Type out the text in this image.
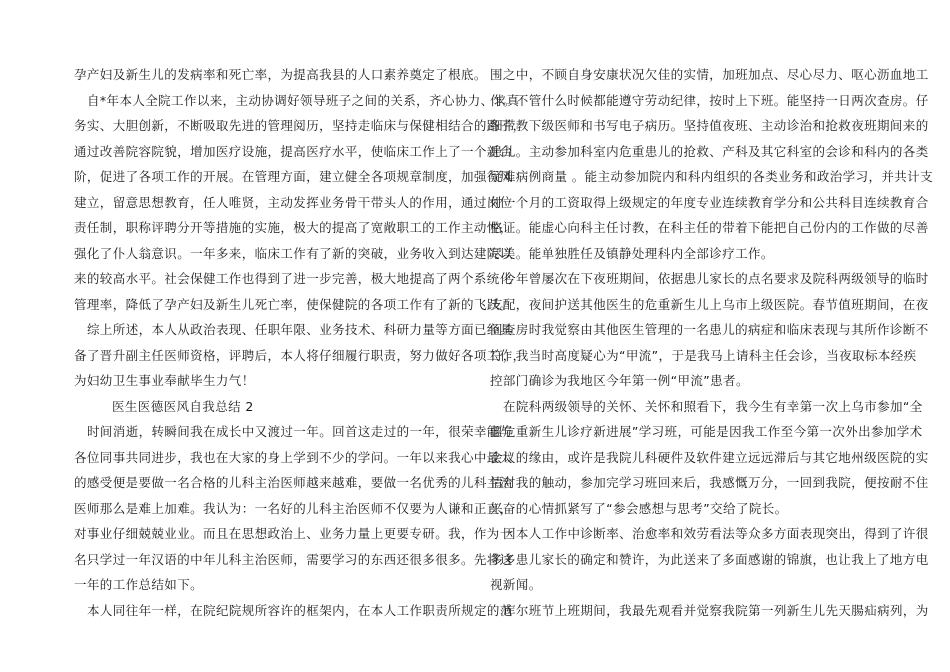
孕产妇及新生儿的发病率和死亡率，为提高我县的人口素养奠定了根底。
自*年本人全院工作以来，主动协调好领导班子之间的关系，齐心协力、求真
务实、大胆创新，不断吸取先进的管理阅历，坚持走临床与保健相结合的路子，
通过改善院容院貌，增加医疗设施，提高医疗水平，使临床工作上了一个新台
阶，促进了各项工作的开展。在管理方面，建立健全各项规章制度，加强行风
建立，留意思想教育，任人唯贤，主动发挥业务骨干带头人的作用，通过岗位
责任制，职称评聘分开等措施的实施，极大的提高了宽敞职工的工作主动性，
强化了仆人翁意识。一年多来，临床工作有了新的突破，业务收入到达建院以
来的较高水平。社会保健工作也得到了进一步完善，极大地提高了两个系统化
管理率，降低了孕产妇及新生儿死亡率，使保健院的各项工作有了新的飞跃。
综上所述，本人从政治表现、任职年限、业务技术、科研力量等方面已经具
备了晋升副主任医师资格，评聘后，本人将仔细履行职责，努力做好各项工作，
为妇幼卫生事业奉献毕生力气！
医生医德医风自我总结 2
时间消逝，转瞬间我在成长中又渡过一年。回首这走过的一年，很荣幸能与
各位同事共同进步，我也在大家的身上学到不少的学问。一年以来我心中最大
的感受便是要做一名合格的儿科主治医师越来越难，要做一名优秀的儿科主治
医师那么是难上加难。我认为：一名好的儿科主治医师不仅要为人谦和正直，
对事业仔细兢兢业业。而且在思想政治上、业务力量上更要专研。我，作为一
名只学过一年汉语的中年儿科主治医师，需要学习的东西还很多很多。先将这
一年的工作总结如下。
本人同往年一样，在院纪院规所容许的框架内，在本人工作职责所规定的范
围之中，不顾自身安康状况欠佳的实情，加班加点、尽心尽力、呕心沥血地工
作。不管什么时候都能遵守劳动纪律，按时上下班。能坚持一日两次查房。仔
细带教下级医师和书写电子病历。坚持值夜班、主动诊治和抢救夜班期间来的
患儿。主动参加科室内危重患儿的抢救、产科及其它科室的会诊和科内的各类
疑难病例商量 。能主动参加院内和科内组织的各类业务和政治学习，并共计支
付一个月的工资取得上级规定的年度专业连续教育学分和公共科目连续教育合
格证。能虚心向科主任讨教，在科主任的带着下能把自己份内的工作做的尽善
尽美。能单独胜任及镇静处理科内全部诊疗工作。
今年曾屡次在下夜班期间，依据患儿家长的点名要求及院科两级领导的临时
支配，夜间护送其他医生的危重新生儿上乌市上级医院。春节值班期间，在夜
间查房时我觉察由其他医生管理的一名患儿的病症和临床表现与其所作诊断不
符，我当时高度疑心为“甲流”，于是我马上请科主任会诊，当夜取标本经疾
控部门确诊为我地区今年第一例“甲流”患者。
在院科两级领导的关怀、关怀和照看下，我今生有幸第一次上乌市参加“全
疆危重新生儿诊疗新进展”学习班，可能是因我工作至今第一次外出参加学术
会议的缘由，或许是我院儿科硬件及软件建立远远滞后与其它地州级医院的实
情对我的触动，参加完学习班回来后，我感慨万分，一回到我院，便按耐不住
兴奋的心情抓紧写了“参会感想与思考”交给了院长。
因本人工作中诊断率、治愈率和效劳看法等众多方面表现突出，得到了许很
多多患儿家长的确定和赞许，为此送来了多面感谢的锦旗，也让我上了地方电
视新闻。
库尔班节上班期间，我最先观看并觉察我院第一列新生儿先天腸疝病列，为
